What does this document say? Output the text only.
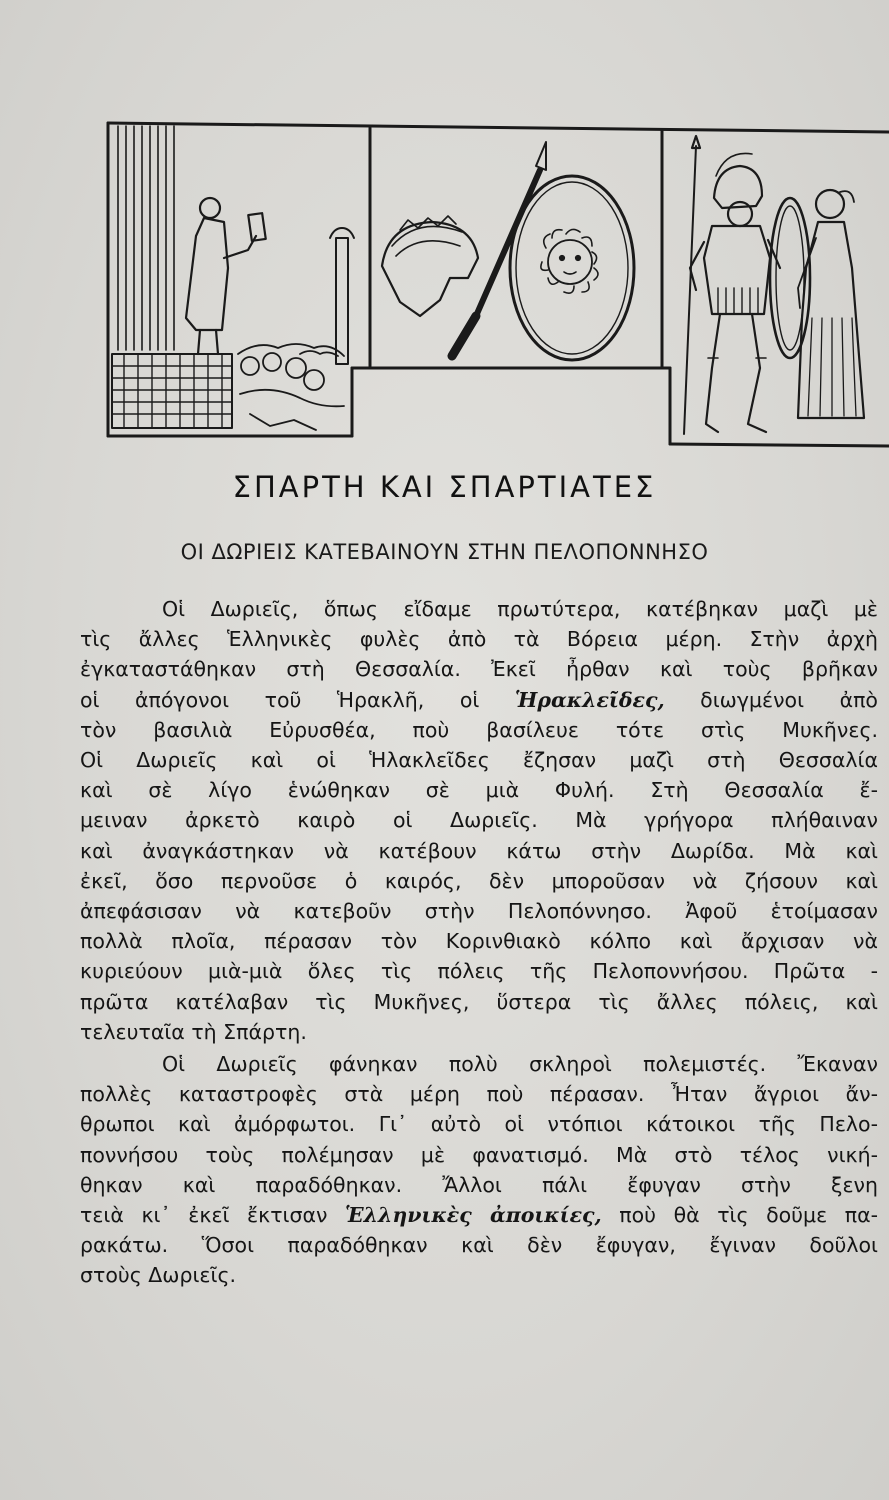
ΣΠΑΡΤΗ ΚΑΙ ΣΠΑΡΤΙΑΤΕΣ
ΟΙ ΔΩΡΙΕΙΣ ΚΑΤΕΒΑΙΝΟΥΝ ΣΤΗΝ ΠΕΛΟΠΟΝΝΗΣΟ
Οἱ Δωριεῖς, ὅπως εἴδαμε πρωτύτερα, κατέβηκαν μαζὶ μὲ
τὶς ἄλλες Ἑλληνικὲς φυλὲς ἀπὸ τὰ Βόρεια μέρη. Στὴν ἀρχὴ
ἐγκαταστάθηκαν στὴ Θεσσαλία. Ἐκεῖ ἦρθαν καὶ τοὺς βρῆκαν
οἱ ἀπόγονοι τοῦ Ἡρακλῆ, οἱ Ἡρακλεῖδες, διωγμένοι ἀπὸ
τὸν βασιλιὰ Εὐρυσθέα, ποὺ βασίλευε τότε στὶς Μυκῆνες.
Οἱ Δωριεῖς καὶ οἱ Ἡλακλεῖδες ἔζησαν μαζὶ στὴ Θεσσαλία
καὶ σὲ λίγο ἑνώθηκαν σὲ μιὰ Φυλή. Στὴ Θεσσαλία ἔ-
μειναν ἀρκετὸ καιρὸ οἱ Δωριεῖς. Μὰ γρήγορα πλήθαιναν
καὶ ἀναγκάστηκαν νὰ κατέβουν κάτω στὴν Δωρίδα. Μὰ καὶ
ἐκεῖ, ὅσο περνοῦσε ὁ καιρός, δὲν μποροῦσαν νὰ ζήσουν καὶ
ἀπεφάσισαν νὰ κατεβοῦν στὴν Πελοπόννησο. Ἀφοῦ ἑτοίμασαν
πολλὰ πλοῖα, πέρασαν τὸν Κορινθιακὸ κόλπο καὶ ἄρχισαν νὰ
κυριεύουν μιὰ-μιὰ ὅλες τὶς πόλεις τῆς Πελοποννήσου. Πρῶτα -
πρῶτα κατέλαβαν τὶς Μυκῆνες, ὕστερα τὶς ἄλλες πόλεις, καὶ
τελευταῖα τὴ Σπάρτη.
Οἱ Δωριεῖς φάνηκαν πολὺ σκληροὶ πολεμιστές. Ἔκαναν
πολλὲς καταστροφὲς στὰ μέρη ποὺ πέρασαν. Ἦταν ἄγριοι ἄν-
θρωποι καὶ ἀμόρφωτοι. Γι᾽ αὐτὸ οἱ ντόπιοι κάτοικοι τῆς Πελο-
ποννήσου τοὺς πολέμησαν μὲ φανατισμό. Μὰ στὸ τέλος νική-
θηκαν καὶ παραδόθηκαν. Ἄλλοι πάλι ἔφυγαν στὴν ξενη
τειὰ κι᾽ ἐκεῖ ἔκτισαν Ἑλληνικὲς ἀποικίες, ποὺ θὰ τὶς δοῦμε πα-
ρακάτω. Ὅσοι παραδόθηκαν καὶ δὲν ἔφυγαν, ἔγιναν δοῦλοι
στοὺς Δωριεῖς.
